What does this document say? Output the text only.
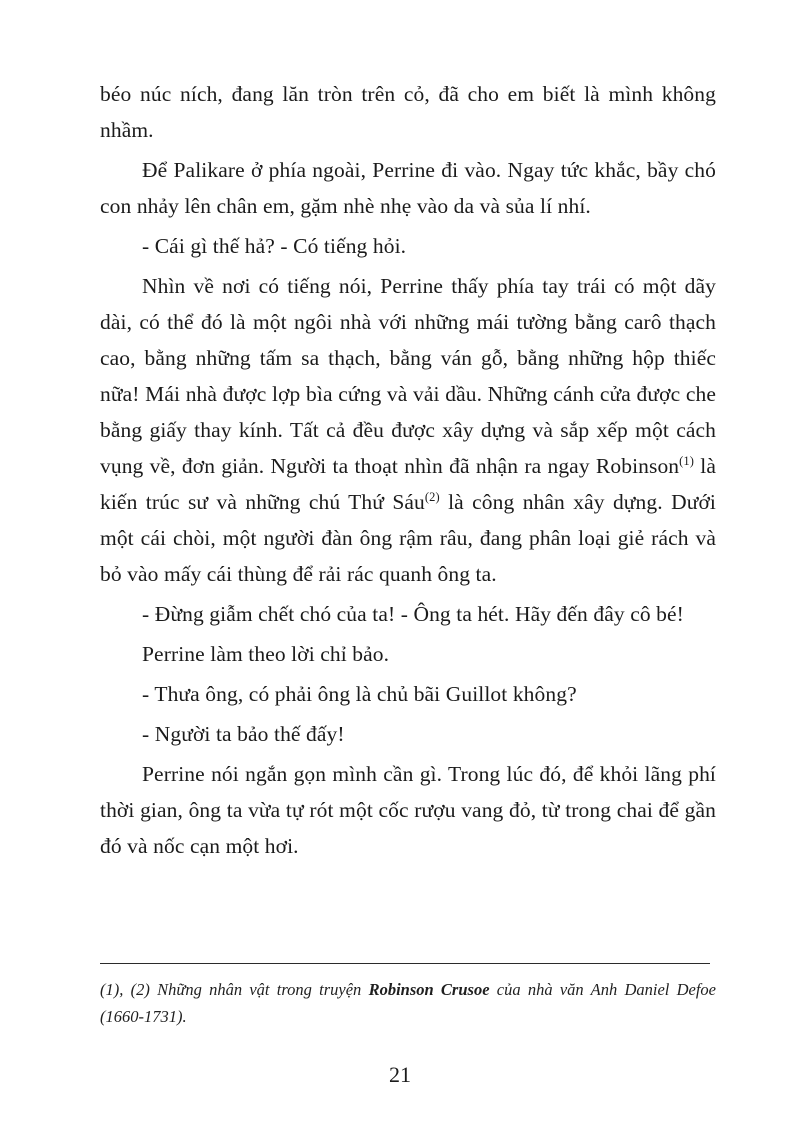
béo núc ních, đang lăn tròn trên cỏ, đã cho em biết là mình không nhầm.

Để Palikare ở phía ngoài, Perrine đi vào. Ngay tức khắc, bầy chó con nhảy lên chân em, gặm nhè nhẹ vào da và sủa lí nhí.

- Cái gì thế hả? - Có tiếng hỏi.

Nhìn về nơi có tiếng nói, Perrine thấy phía tay trái có một dãy dài, có thể đó là một ngôi nhà với những mái tường bằng carô thạch cao, bằng những tấm sa thạch, bằng ván gỗ, bằng những hộp thiếc nữa! Mái nhà được lợp bìa cứng và vải dầu. Những cánh cửa được che bằng giấy thay kính. Tất cả đều được xây dựng và sắp xếp một cách vụng về, đơn giản. Người ta thoạt nhìn đã nhận ra ngay Robinson$^{(1)}$ là kiến trúc sư và những chú Thứ Sáu$^{(2)}$ là công nhân xây dựng. Dưới một cái chòi, một người đàn ông rậm râu, đang phân loại giẻ rách và bỏ vào mấy cái thùng để rải rác quanh ông ta.

- Đừng giẫm chết chó của ta! - Ông ta hét. Hãy đến đây cô bé!

Perrine làm theo lời chỉ bảo.

- Thưa ông, có phải ông là chủ bãi Guillot không?

- Người ta bảo thế đấy!

Perrine nói ngắn gọn mình cần gì. Trong lúc đó, để khỏi lãng phí thời gian, ông ta vừa tự rót một cốc rượu vang đỏ, từ trong chai để gần đó và nốc cạn một hơi.

(1), (2) Những nhân vật trong truyện Robinson Crusoe của nhà văn Anh Daniel Defoe (1660-1731).
21
